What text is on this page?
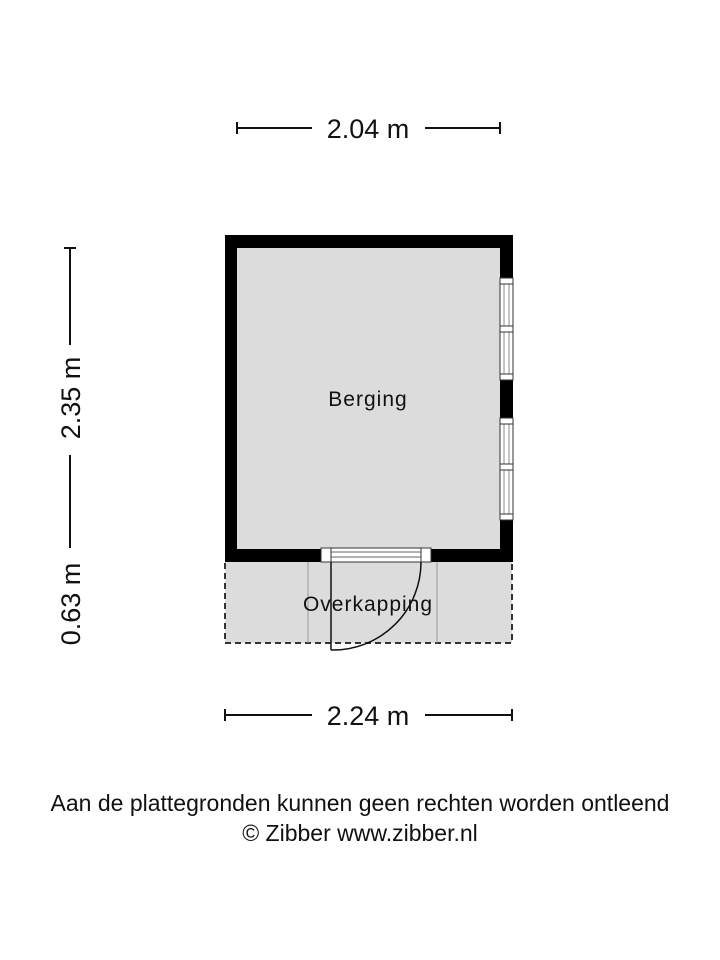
2.04 m
2.35 m
0.63 m
Berging
Overkapping
2.24 m
Aan de plattegronden kunnen geen rechten worden ontleend
© Zibber www.zibber.nl
